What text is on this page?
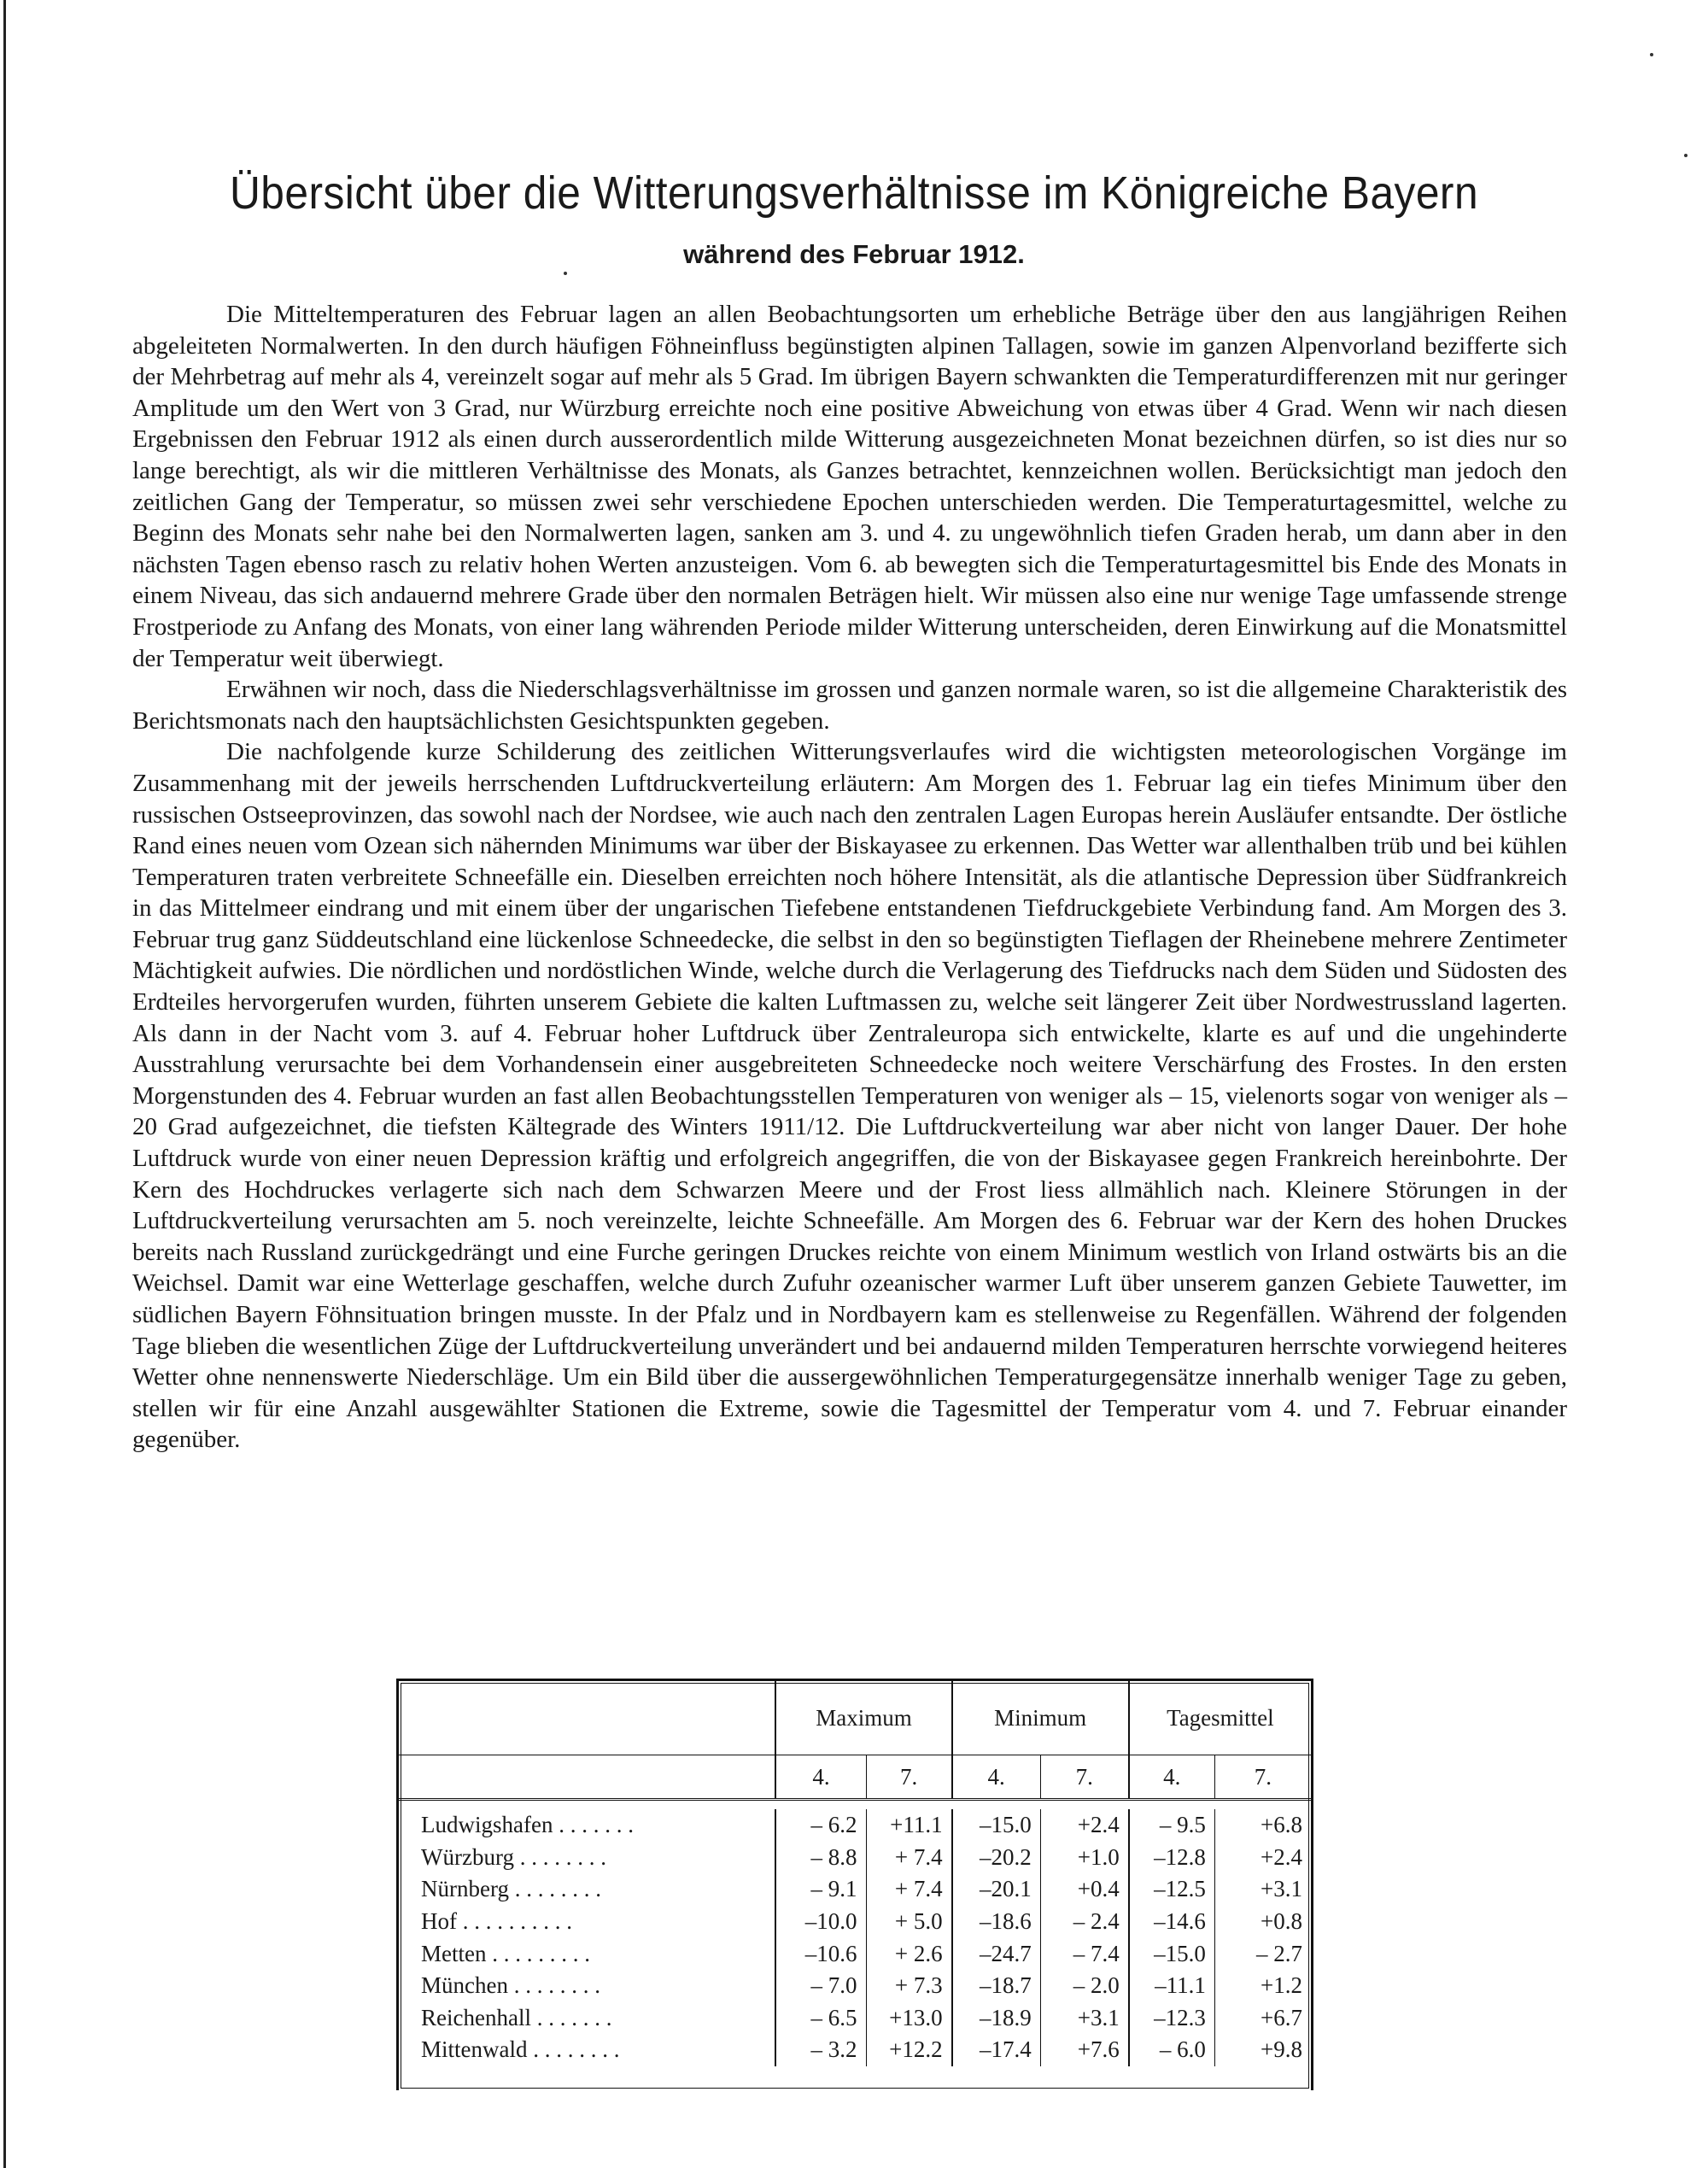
Übersicht über die Witterungsverhältnisse im Königreiche Bayern
während des Februar 1912.

Die Mitteltemperaturen des Februar lagen an allen Beobachtungsorten um erhebliche Beträge über den aus langjährigen Reihen abgeleiteten Normalwerten. In den durch häufigen Föhneinfluss begünstigten alpinen Tallagen, sowie im ganzen Alpenvorland bezifferte sich der Mehrbetrag auf mehr als 4, vereinzelt sogar auf mehr als 5 Grad. Im übrigen Bayern schwankten die Temperaturdifferenzen mit nur geringer Amplitude um den Wert von 3 Grad, nur Würzburg erreichte noch eine positive Abweichung von etwas über 4 Grad. Wenn wir nach diesen Ergebnissen den Februar 1912 als einen durch ausserordentlich milde Witterung ausgezeichneten Monat bezeichnen dürfen, so ist dies nur so lange berechtigt, als wir die mittleren Verhältnisse des Monats, als Ganzes betrachtet, kennzeichnen wollen. Berücksichtigt man jedoch den zeitlichen Gang der Temperatur, so müssen zwei sehr verschiedene Epochen unterschieden werden. Die Temperaturtagesmittel, welche zu Beginn des Monats sehr nahe bei den Normalwerten lagen, sanken am 3. und 4. zu ungewöhnlich tiefen Graden herab, um dann aber in den nächsten Tagen ebenso rasch zu relativ hohen Werten anzusteigen. Vom 6. ab bewegten sich die Temperaturtagesmittel bis Ende des Monats in einem Niveau, das sich andauernd mehrere Grade über den normalen Beträgen hielt. Wir müssen also eine nur wenige Tage umfassende strenge Frostperiode zu Anfang des Monats, von einer lang währenden Periode milder Witterung unterscheiden, deren Einwirkung auf die Monatsmittel der Temperatur weit überwiegt.

Erwähnen wir noch, dass die Niederschlagsverhältnisse im grossen und ganzen normale waren, so ist die allgemeine Charakteristik des Berichtsmonats nach den hauptsächlichsten Gesichtspunkten gegeben.

Die nachfolgende kurze Schilderung des zeitlichen Witterungsverlaufes wird die wichtigsten meteorologischen Vorgänge im Zusammenhang mit der jeweils herrschenden Luftdruckverteilung erläutern: Am Morgen des 1. Februar lag ein tiefes Minimum über den russischen Ostseeprovinzen, das sowohl nach der Nordsee, wie auch nach den zentralen Lagen Europas herein Ausläufer entsandte. Der östliche Rand eines neuen vom Ozean sich nähernden Minimums war über der Biskayasee zu erkennen. Das Wetter war allenthalben trüb und bei kühlen Temperaturen traten verbreitete Schneefälle ein. Dieselben erreichten noch höhere Intensität, als die atlantische Depression über Südfrankreich in das Mittelmeer eindrang und mit einem über der ungarischen Tiefebene entstandenen Tiefdruckgebiete Verbindung fand. Am Morgen des 3. Februar trug ganz Süddeutschland eine lückenlose Schneedecke, die selbst in den so begünstigten Tieflagen der Rheinebene mehrere Zentimeter Mächtigkeit aufwies. Die nördlichen und nordöstlichen Winde, welche durch die Verlagerung des Tiefdrucks nach dem Süden und Südosten des Erdteiles hervorgerufen wurden, führten unserem Gebiete die kalten Luftmassen zu, welche seit längerer Zeit über Nordwestrussland lagerten. Als dann in der Nacht vom 3. auf 4. Februar hoher Luftdruck über Zentraleuropa sich entwickelte, klarte es auf und die ungehinderte Ausstrahlung verursachte bei dem Vorhandensein einer ausgebreiteten Schneedecke noch weitere Verschärfung des Frostes. In den ersten Morgenstunden des 4. Februar wurden an fast allen Beobachtungsstellen Temperaturen von weniger als – 15, vielenorts sogar von weniger als – 20 Grad aufgezeichnet, die tiefsten Kältegrade des Winters 1911/12. Die Luftdruckverteilung war aber nicht von langer Dauer. Der hohe Luftdruck wurde von einer neuen Depression kräftig und erfolgreich angegriffen, die von der Biskayasee gegen Frankreich hereinbohrte. Der Kern des Hochdruckes verlagerte sich nach dem Schwarzen Meere und der Frost liess allmählich nach. Kleinere Störungen in der Luftdruckverteilung verursachten am 5. noch vereinzelte, leichte Schneefälle. Am Morgen des 6. Februar war der Kern des hohen Druckes bereits nach Russland zurückgedrängt und eine Furche geringen Druckes reichte von einem Minimum westlich von Irland ostwärts bis an die Weichsel. Damit war eine Wetterlage geschaffen, welche durch Zufuhr ozeanischer warmer Luft über unserem ganzen Gebiete Tauwetter, im südlichen Bayern Föhnsituation bringen musste. In der Pfalz und in Nordbayern kam es stellenweise zu Regenfällen. Während der folgenden Tage blieben die wesentlichen Züge der Luftdruckverteilung unverändert und bei andauernd milden Temperaturen herrschte vorwiegend heiteres Wetter ohne nennenswerte Niederschläge. Um ein Bild über die aussergewöhnlichen Temperaturgegensätze innerhalb weniger Tage zu geben, stellen wir für eine Anzahl ausgewählter Stationen die Extreme, sowie die Tagesmittel der Temperatur vom 4. und 7. Februar einander gegenüber.

	Maximum		Minimum		Tagesmittel	
	4.	7.	4.	7.	4.	7.

Ludwigshafen . . . . . . .	– 6.2	+11.1	–15.0	+2.4	– 9.5	+6.8
Würzburg . . . . . . . .	– 8.8	+ 7.4	–20.2	+1.0	–12.8	+2.4
Nürnberg . . . . . . . .	– 9.1	+ 7.4	–20.1	+0.4	–12.5	+3.1
Hof . . . . . . . . . .	–10.0	+ 5.0	–18.6	– 2.4	–14.6	+0.8
Metten . . . . . . . . .	–10.6	+ 2.6	–24.7	– 7.4	–15.0	– 2.7
München . . . . . . . .	– 7.0	+ 7.3	–18.7	– 2.0	–11.1	+1.2
Reichenhall . . . . . . .	– 6.5	+13.0	–18.9	+3.1	–12.3	+6.7
Mittenwald . . . . . . . .	– 3.2	+12.2	–17.4	+7.6	– 6.0	+9.8
